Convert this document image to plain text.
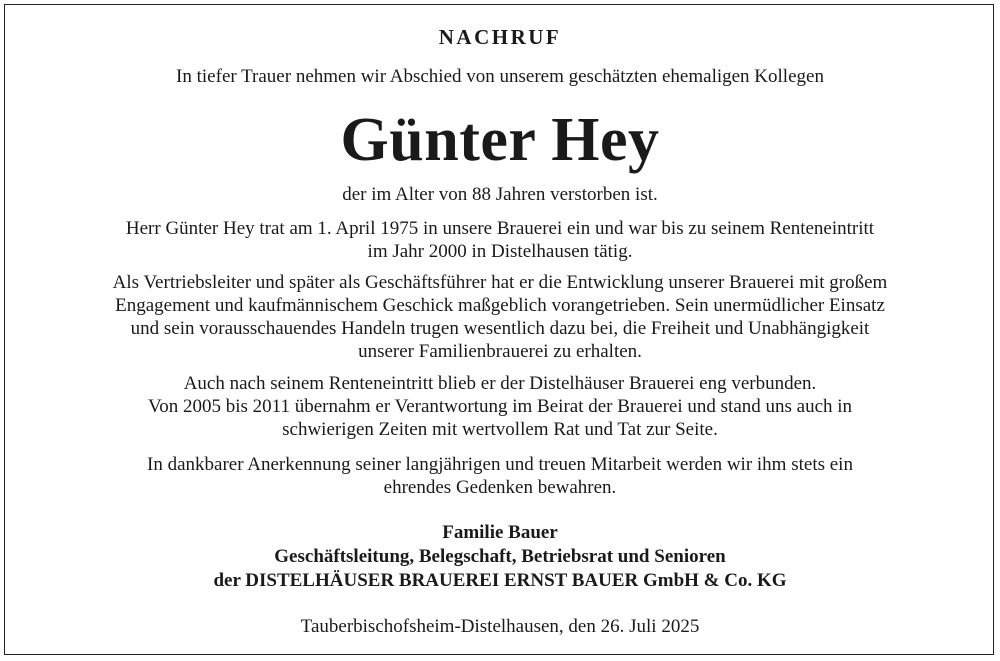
NACHRUF
In tiefer Trauer nehmen wir Abschied von unserem geschätzten ehemaligen Kollegen
Günter Hey
der im Alter von 88 Jahren verstorben ist.
Herr Günter Hey trat am 1. April 1975 in unsere Brauerei ein und war bis zu seinem Renteneintritt
im Jahr 2000 in Distelhausen tätig.
Als Vertriebsleiter und später als Geschäftsführer hat er die Entwicklung unserer Brauerei mit großem
Engagement und kaufmännischem Geschick maßgeblich vorangetrieben. Sein unermüdlicher Einsatz
und sein vorausschauendes Handeln trugen wesentlich dazu bei, die Freiheit und Unabhängigkeit
unserer Familienbrauerei zu erhalten.
Auch nach seinem Renteneintritt blieb er der Distelhäuser Brauerei eng verbunden.
Von 2005 bis 2011 übernahm er Verantwortung im Beirat der Brauerei und stand uns auch in
schwierigen Zeiten mit wertvollem Rat und Tat zur Seite.
In dankbarer Anerkennung seiner langjährigen und treuen Mitarbeit werden wir ihm stets ein
ehrendes Gedenken bewahren.
Familie Bauer
Geschäftsleitung, Belegschaft, Betriebsrat und Senioren
der DISTELHÄUSER BRAUEREI ERNST BAUER GmbH & Co. KG
Tauberbischofsheim-Distelhausen, den 26. Juli 2025
